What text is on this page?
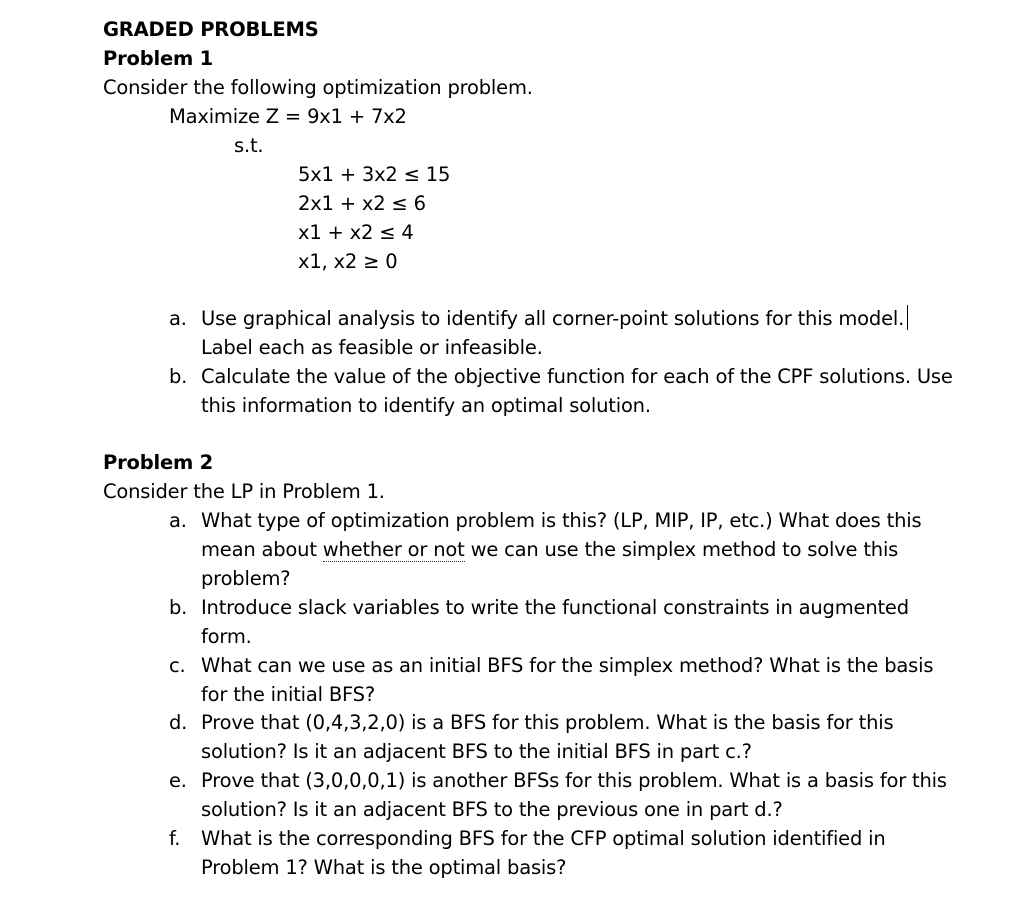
GRADED PROBLEMS
Problem 1
Consider the following optimization problem.
Maximize Z = 9x1 + 7x2
s.t.
5x1 + 3x2 ≤ 15
2x1 + x2 ≤ 6
x1 + x2 ≤ 4
x1, x2 ≥ 0
a. Use graphical analysis to identify all corner-point solutions for this model.
Label each as feasible or infeasible.
b. Calculate the value of the objective function for each of the CPF solutions. Use
this information to identify an optimal solution.
Problem 2
Consider the LP in Problem 1.
a. What type of optimization problem is this? (LP, MIP, IP, etc.) What does this
mean about whether or not we can use the simplex method to solve this
problem?
b. Introduce slack variables to write the functional constraints in augmented
form.
c. What can we use as an initial BFS for the simplex method? What is the basis
for the initial BFS?
d. Prove that (0,4,3,2,0) is a BFS for this problem. What is the basis for this
solution? Is it an adjacent BFS to the initial BFS in part c.?
e. Prove that (3,0,0,0,1) is another BFSs for this problem. What is a basis for this
solution? Is it an adjacent BFS to the previous one in part d.?
f. What is the corresponding BFS for the CFP optimal solution identified in
Problem 1? What is the optimal basis?
